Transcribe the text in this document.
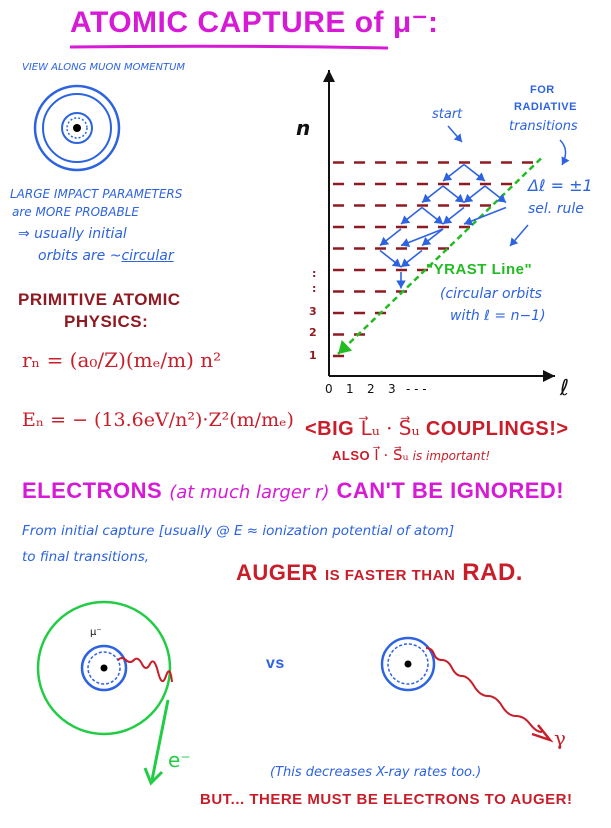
ATOMIC CAPTURE of μ⁻:
VIEW ALONG MUON MOMENTUM
LARGE IMPACT PARAMETERS
are MORE PROBABLE
⇒ usually initial
orbits are ~circular
PRIMITIVE ATOMIC
PHYSICS:
rₙ = (a₀/Z)(mₑ/m) n²
Eₙ = − (13.6eV/n²)·Z²(m/mₑ)
n
ℓ
1
2
3
:
:
0 1 2 3 - - -
start
FOR
RADIATIVE
transitions
Δℓ = ±1
sel. rule
"YRAST Line"
(circular orbits
with ℓ = n−1)
<BIG L⃗ᵤ · S⃗ᵤ COUPLINGS!>
ALSO I⃗ · S⃗ᵤ is important!
ELECTRONS (at much larger r) CAN'T BE IGNORED!
From initial capture [usually @ E ≈ ionization potential of atom]
to final transitions,
AUGER IS FASTER THAN RAD.
μ⁻
e⁻
vs
γ
(This decreases X-ray rates too.)
BUT... THERE MUST BE ELECTRONS TO AUGER!
